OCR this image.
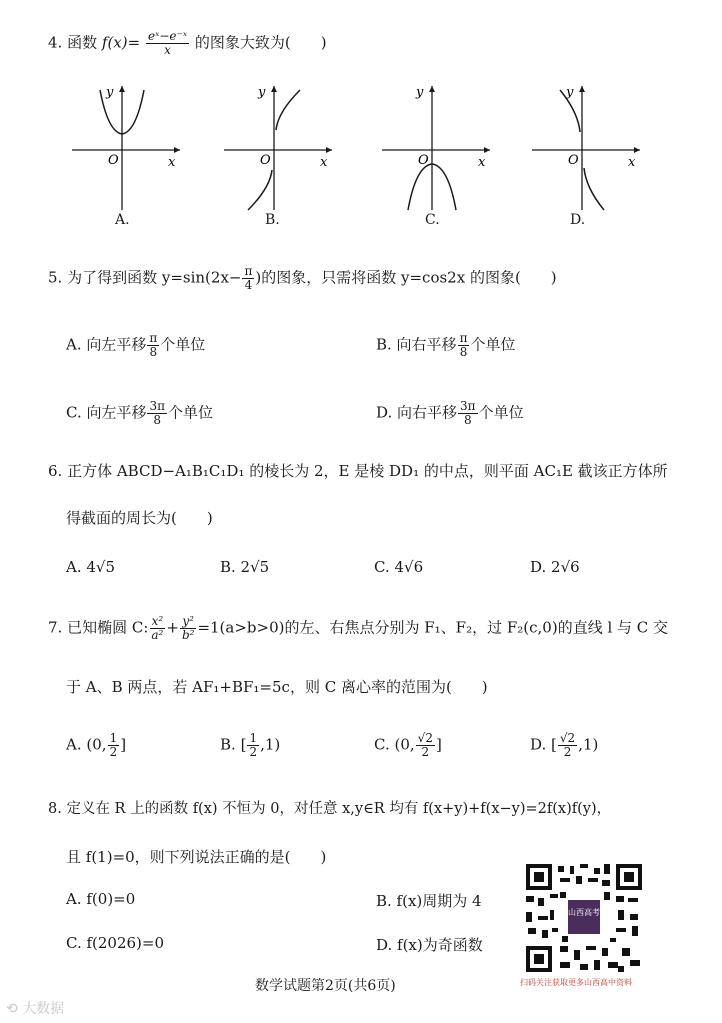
4. 函数 $f(x)= \frac{\text{eˣ−e⁻ˣ}}{x}$ 的图象大致为(　　)
y
x
O
A.
y
x
O
B.
y
x
O
C.
y
x
O
D.
5. 为了得到函数 $y=\sin(2x- \frac{\pi}{4}$ )的图象，只需将函数 y=cos2x 的图象(　　)
A. 向左平移 $\frac{\pi}{8}$ 个单位	B. 向右平移 $\frac{\pi}{8}$ 个单位
C. 向左平移 $\frac{3\pi}{8}$ 个单位	D. 向右平移 $\frac{3\pi}{8}$ 个单位
6. 正方体 ABCD−A₁B₁C₁D₁ 的棱长为 2，E 是棱 DD₁ 的中点，则平面 AC₁E 截该正方体所
得截面的周长为(　　)
A. 4√5	B. 2√5	C. 4√6	D. 2√6
7. 已知椭圆 C: $\frac{\text{x²}}{\text{a²}} + \frac{\text{y²}}{\text{b²}} =1(a>b>0)$的左、右焦点分别为 F₁、F₂，过 F₂(c,0)的直线 l 与 C 交
于 A、B 两点，若 AF₁+BF₁=5c，则 C 离心率的范围为(　　)
A. (0, $\frac{1}{2}$ ]	B. [ $\frac{1}{2} ,1$)	C. (0, $\frac{√2}{2}$ ]	D. [ $\frac{√2}{2} ,1$)
8. 定义在 R 上的函数 f(x) 不恒为 0，对任意 x,y∈R 均有 f(x+y)+f(x−y)=2f(x)f(y)，
且 f(1)=0，则下列说法正确的是(　　)
A. f(0)=0	B. f(x)周期为 4
C. f(2026)=0	D. f(x)为奇函数
山西高考
扫码关注获取更多山西高中资料
数学试题第2页(共6页)
⟲ 大数据
